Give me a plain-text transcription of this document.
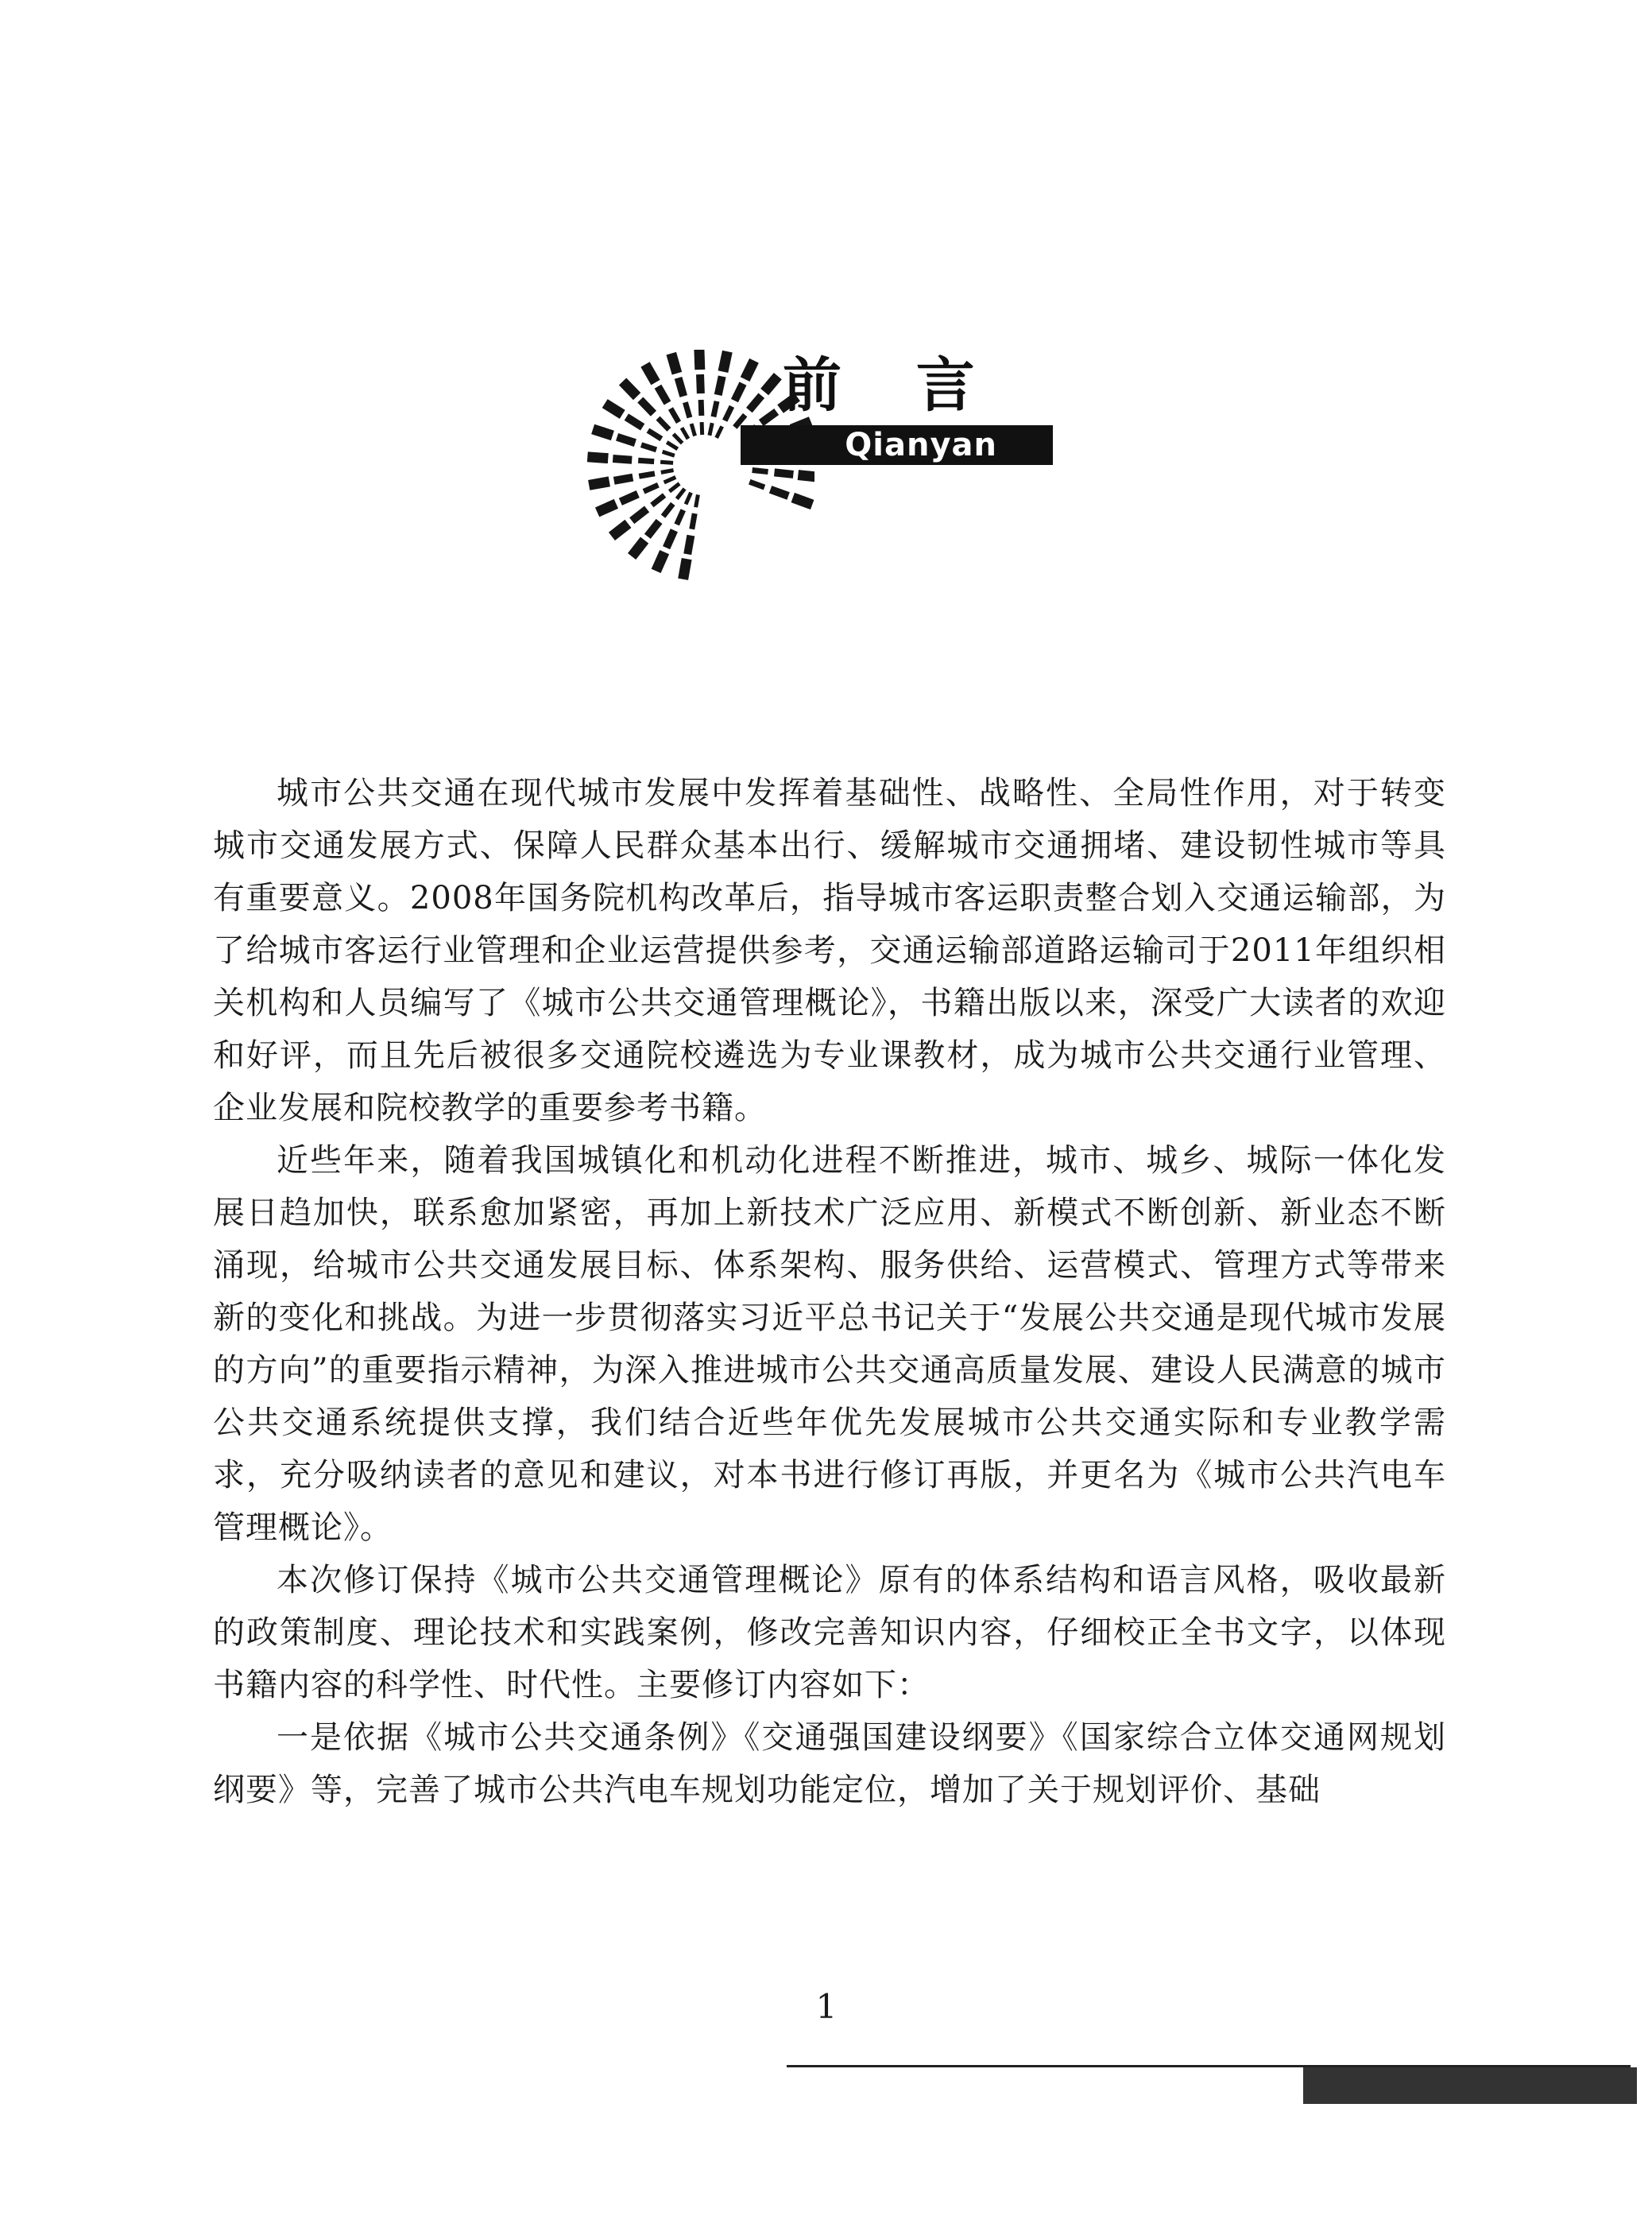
前 言
Qianyan

城市公共交通在现代城市发展中发挥着基础性、战略性、全局性作用，对于转变城市交通发展方式、保障人民群众基本出行、缓解城市交通拥堵、建设韧性城市等具有重要意义。2008年国务院机构改革后，指导城市客运职责整合划入交通运输部，为了给城市客运行业管理和企业运营提供参考，交通运输部道路运输司于2011年组织相关机构和人员编写了《城市公共交通管理概论》，书籍出版以来，深受广大读者的欢迎和好评，而且先后被很多交通院校遴选为专业课教材，成为城市公共交通行业管理、企业发展和院校教学的重要参考书籍。

近些年来，随着我国城镇化和机动化进程不断推进，城市、城乡、城际一体化发展日趋加快，联系愈加紧密，再加上新技术广泛应用、新模式不断创新、新业态不断涌现，给城市公共交通发展目标、体系架构、服务供给、运营模式、管理方式等带来新的变化和挑战。为进一步贯彻落实习近平总书记关于“发展公共交通是现代城市发展的方向”的重要指示精神，为深入推进城市公共交通高质量发展、建设人民满意的城市公共交通系统提供支撑，我们结合近些年优先发展城市公共交通实际和专业教学需求，充分吸纳读者的意见和建议，对本书进行修订再版，并更名为《城市公共汽电车管理概论》。

本次修订保持《城市公共交通管理概论》原有的体系结构和语言风格，吸收最新的政策制度、理论技术和实践案例，修改完善知识内容，仔细校正全书文字，以体现书籍内容的科学性、时代性。主要修订内容如下：

一是依据《城市公共交通条例》《交通强国建设纲要》《国家综合立体交通网规划纲要》等，完善了城市公共汽电车规划功能定位，增加了关于规划评价、基础

1
